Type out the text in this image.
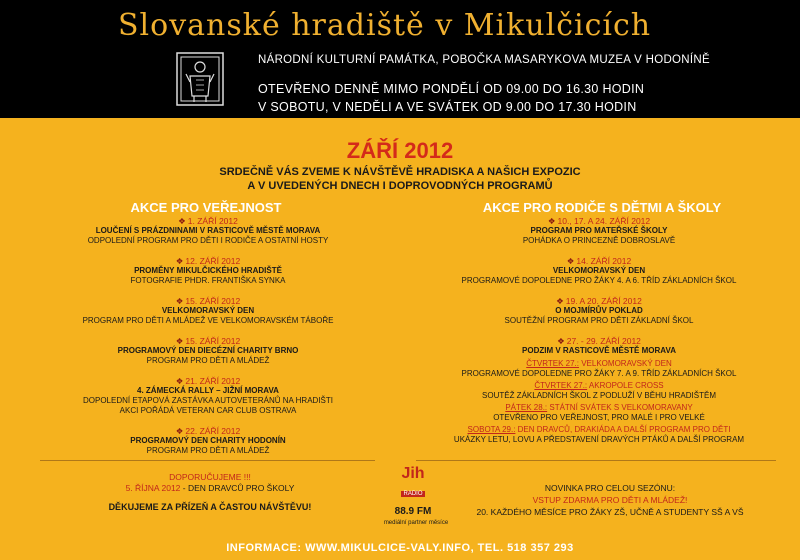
Slovanské hradiště v Mikulčicích
NÁRODNÍ KULTURNÍ PAMÁTKA, POBOČKA MASARYKOVA MUZEA V HODONÍNĚ
OTEVŘENO DENNĚ MIMO PONDĚLÍ OD 09.00 DO 16.30 HODIN
V SOBOTU, V NEDĚLI A VE SVÁTEK OD 9.00 DO 17.30 HODIN
ZÁŘÍ 2012
SRDEČNĚ VÁS ZVEME K NÁVŠTĚVĚ HRADISKA A NAŠICH EXPOZIC
A V UVEDENÝCH DNECH I DOPROVODNÝCH PROGRAMŮ
AKCE PRO VEŘEJNOST	AKCE PRO RODIČE S DĚTMI A ŠKOLY
❖ 1. ZÁŘÍ 2012
LOUČENÍ S PRÁZDNINAMI V RASTICOVĚ MĚSTĚ MORAVA
ODPOLEDNÍ PROGRAM PRO DĚTI I RODIČE A OSTATNÍ HOSTY
❖ 12. ZÁŘÍ 2012
PROMĚNY MIKULČICKÉHO HRADIŠTĚ
FOTOGRAFIE PHDR. FRANTIŠKA SYNKA
❖ 15. ZÁŘÍ 2012
VELKOMORAVSKÝ DEN
PROGRAM PRO DĚTI A MLÁDEŽ VE VELKOMORAVSKÉM TÁBOŘE
❖ 15. ZÁŘÍ 2012
PROGRAMOVÝ DEN DIECÉZNÍ CHARITY BRNO
PROGRAM PRO DĚTI A MLÁDEŽ
❖ 21. ZÁŘÍ 2012
4. ZÁMECKÁ RALLY – JIŽNÍ MORAVA
DOPOLEDNÍ ETAPOVÁ ZASTÁVKA AUTOVETERÁNŮ NA HRADIŠTI
AKCI POŘÁDÁ VETERAN CAR CLUB OSTRAVA
❖ 22. ZÁŘÍ 2012
PROGRAMOVÝ DEN CHARITY HODONÍN
PROGRAM PRO DĚTI A MLÁDEŽ
❖ 10., 17. A 24. ZÁŘÍ 2012
PROGRAM PRO MATEŘSKÉ ŠKOLY
POHÁDKA O PRINCEZNĚ DOBROSLAVĚ
❖ 14. ZÁŘÍ 2012
VELKOMORAVSKÝ DEN
PROGRAMOVÉ DOPOLEDNE PRO ŽÁKY 4. A 6. TŘÍD ZÁKLADNÍCH ŠKOL
❖ 19. A 20. ZÁŘÍ 2012
O MOJMÍRŮV POKLAD
SOUTĚŽNÍ PROGRAM PRO DĚTI ZÁKLADNÍ ŠKOL
❖ 27. - 29. ZÁŘÍ 2012
PODZIM V RASTICOVĚ MĚSTĚ MORAVA
ČTVRTEK 27.: VELKOMORAVSKÝ DEN
PROGRAMOVÉ DOPOLEDNE PRO ŽÁKY 7. A 9. TŘÍD ZÁKLADNÍCH ŠKOL
ČTVRTEK 27.: AKROPOLE CROSS
SOUTĚŽ ZÁKLADNÍCH ŠKOL Z PODLUŽÍ V BĚHU HRADIŠTĚM
PÁTEK 28.: STÁTNÍ SVÁTEK S VELKOMORAVANY
OTEVŘENO PRO VEŘEJNOST, PRO MALÉ I PRO VELKÉ
SOBOTA 29.: DEN DRAVCŮ, DRAKIÁDA A DALŠÍ PROGRAM PRO DĚTI
UKÁZKY LETU, LOVU A PŘEDSTAVENÍ DRAVÝCH PTÁKŮ A DALŠÍ PROGRAM
DOPORUČUJEME !!!
5. ŘÍJNA 2012 - DEN DRAVCŮ PRO ŠKOLY
DĚKUJEME ZA PŘÍZEŇ A ČASTOU NÁVŠTĚVU!
Jih
RADIO
88.9 FM
mediální partner měsíce
NOVINKA PRO CELOU SEZÓNU:
VSTUP ZDARMA PRO DĚTI A MLÁDEŽ!
20. KAŽDÉHO MĚSÍCE PRO ŽÁKY ZŠ, UČNĚ A STUDENTY SŠ A VŠ
INFORMACE: WWW.MIKULCICE-VALY.INFO, TEL. 518 357 293
